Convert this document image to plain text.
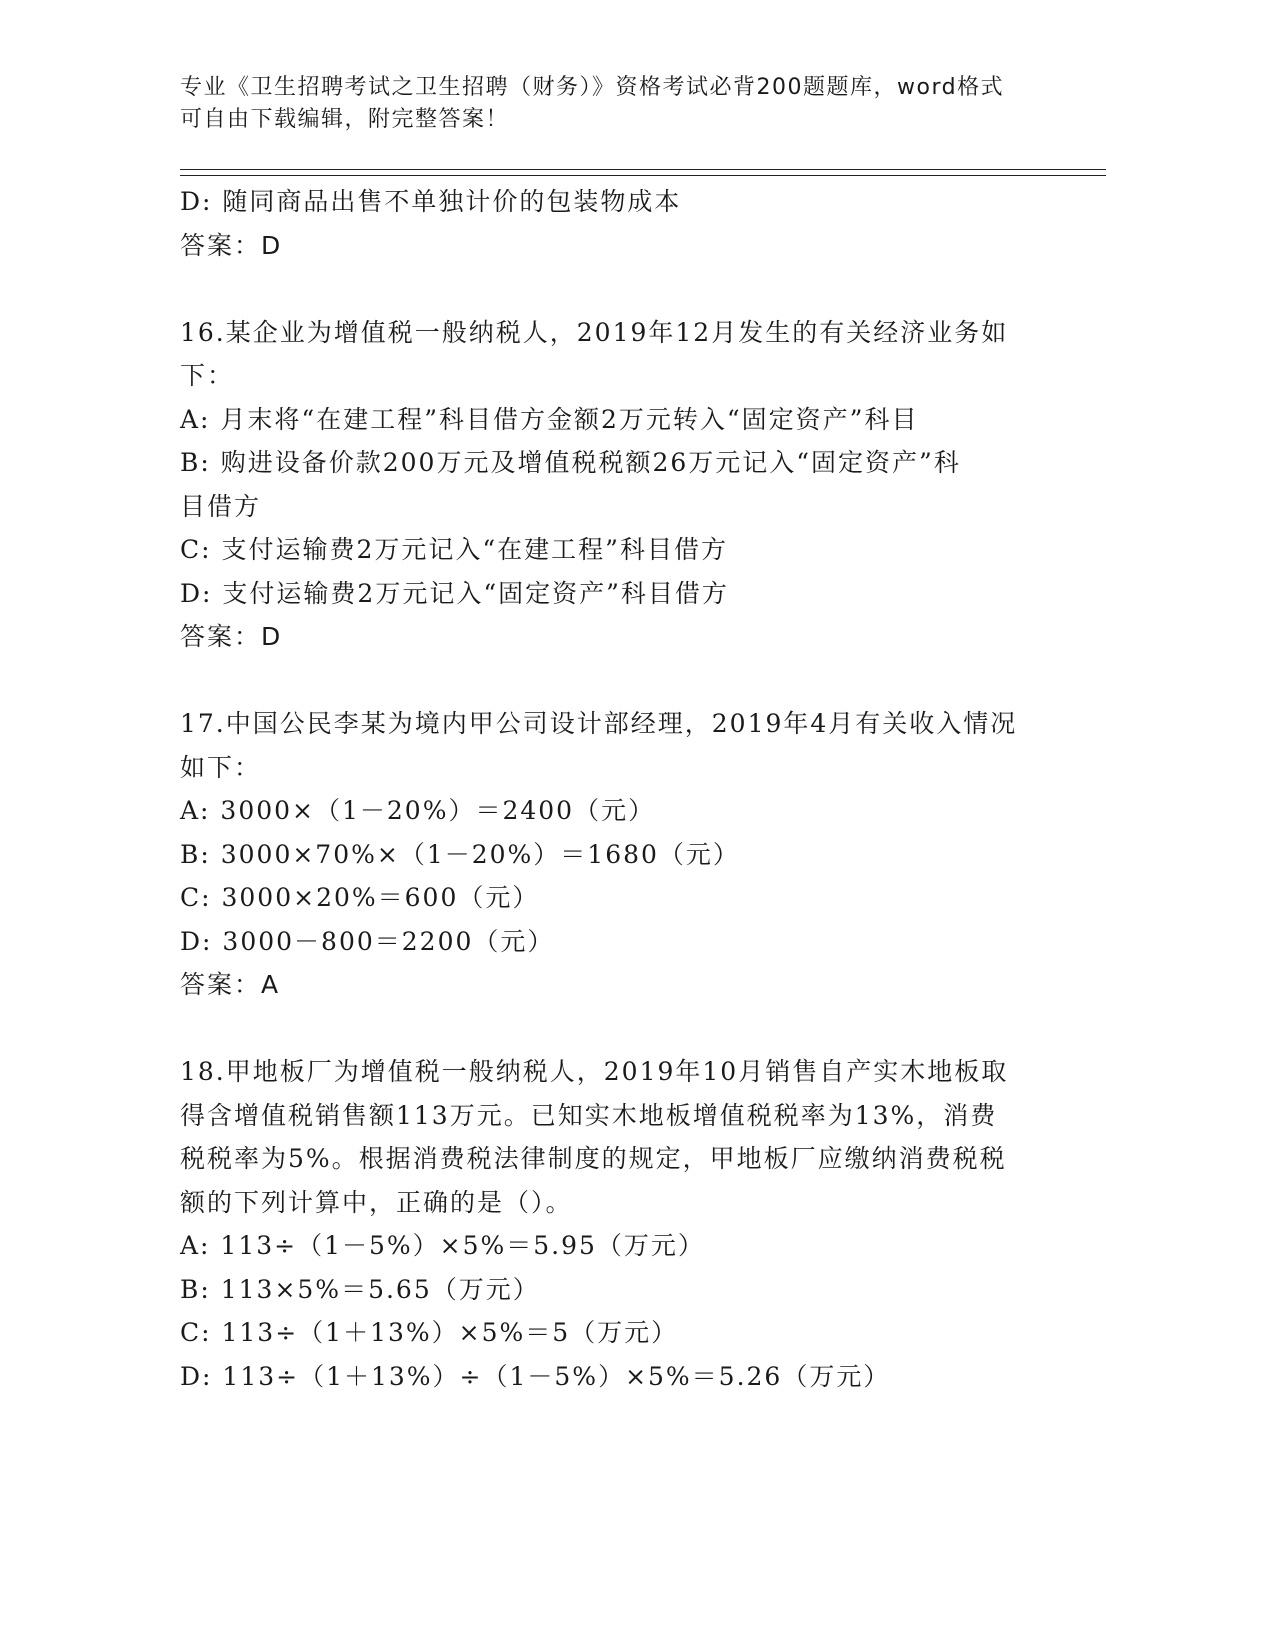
专业《卫生招聘考试之卫生招聘（财务）》资格考试必背200题题库，word格式
可自由下载编辑，附完整答案！
D: 随同商品出售不单独计价的包装物成本
答案：D
16.某企业为增值税一般纳税人，2019年12月发生的有关经济业务如
下：
A: 月末将“在建工程”科目借方金额2万元转入“固定资产”科目
B: 购进设备价款200万元及增值税税额26万元记入“固定资产”科
目借方
C: 支付运输费2万元记入“在建工程”科目借方
D: 支付运输费2万元记入“固定资产”科目借方
答案：D
17.中国公民李某为境内甲公司设计部经理，2019年4月有关收入情况
如下：
A: 3000×（1－20%）＝2400（元）
B: 3000×70%×（1－20%）＝1680（元）
C: 3000×20%＝600（元）
D: 3000－800＝2200（元）
答案：A
18.甲地板厂为增值税一般纳税人，2019年10月销售自产实木地板取
得含增值税销售额113万元。已知实木地板增值税税率为13%，消费
税税率为5%。根据消费税法律制度的规定，甲地板厂应缴纳消费税税
额的下列计算中，正确的是（）。
A: 113÷（1－5%）×5%＝5.95（万元）
B: 113×5%＝5.65（万元）
C: 113÷（1＋13%）×5%＝5（万元）
D: 113÷（1＋13%）÷（1－5%）×5%＝5.26（万元）
